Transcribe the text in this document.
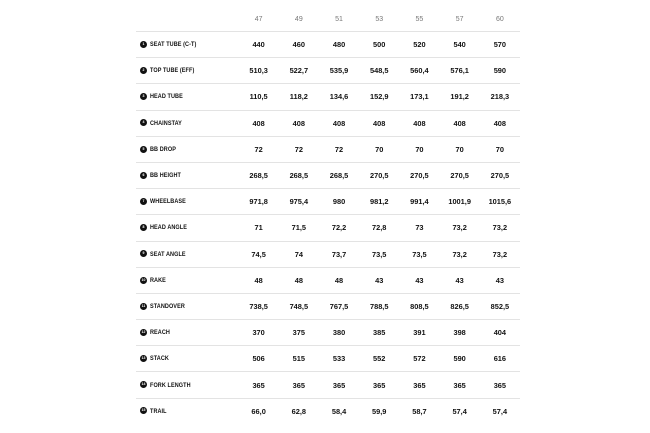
		47	49	51	53	55	57	60
1	SEAT TUBE (C-T)	440	460	480	500	520	540	570
2	TOP TUBE (EFF)	510,3	522,7	535,9	548,5	560,4	576,1	590
3	HEAD TUBE	110,5	118,2	134,6	152,9	173,1	191,2	218,3
4	CHAINSTAY	408	408	408	408	408	408	408
5	BB DROP	72	72	72	70	70	70	70
6	BB HEIGHT	268,5	268,5	268,5	270,5	270,5	270,5	270,5
7	WHEELBASE	971,8	975,4	980	981,2	991,4	1001,9	1015,6
8	HEAD ANGLE	71	71,5	72,2	72,8	73	73,2	73,2
9	SEAT ANGLE	74,5	74	73,7	73,5	73,5	73,2	73,2
10	RAKE	48	48	48	43	43	43	43
11	STANDOVER	738,5	748,5	767,5	788,5	808,5	826,5	852,5
12	REACH	370	375	380	385	391	398	404
13	STACK	506	515	533	552	572	590	616
14	FORK LENGTH	365	365	365	365	365	365	365
15	TRAIL	66,0	62,8	58,4	59,9	58,7	57,4	57,4
